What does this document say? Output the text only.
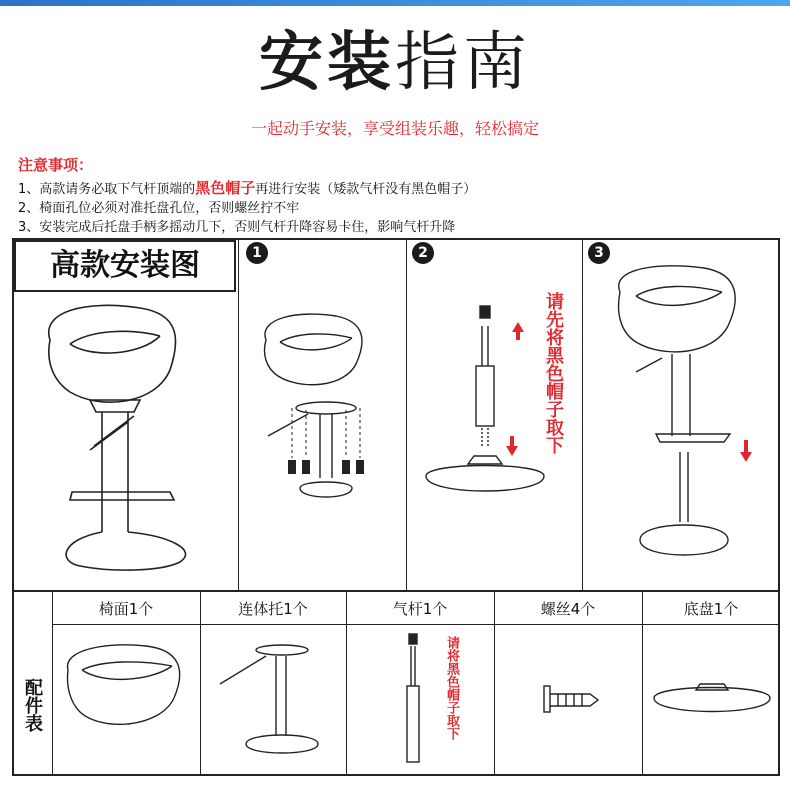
安装指南
一起动手安装，享受组装乐趣，轻松搞定
注意事项：
1、高款请务必取下气杆顶端的黑色帽子再进行安装（矮款气杆没有黑色帽子）
2、椅面孔位必须对准托盘孔位，否则螺丝拧不牢
3、安装完成后托盘手柄多摇动几下，否则气杆升降容易卡住，影响气杆升降
高款安装图	1	2	3
请先将黑色帽子取下
椅面1个	连体托1个	气杆1个	螺丝4个	底盘1个
配件表	请将黑色帽子取下
